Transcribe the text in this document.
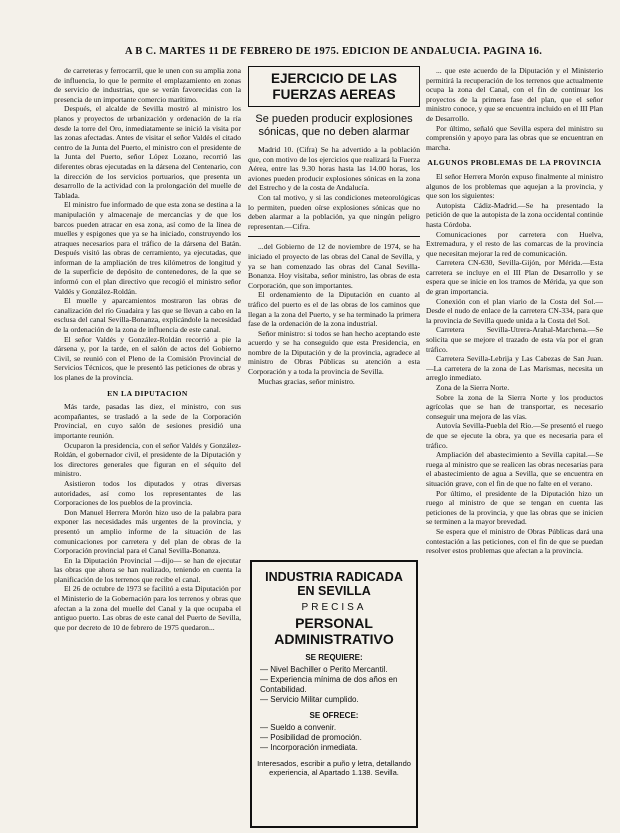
A B C. MARTES 11 DE FEBRERO DE 1975. EDICION DE ANDALUCIA. PAGINA 16.

de carreteras y ferrocarril, que le unen con su amplia zona de influencia, lo que le permite el emplazamiento en zonas de servicio de industrias, que se verán favorecidas con la presencia de un importante comercio marítimo.

Después, el alcalde de Sevilla mostró al ministro los planos y proyectos de urbanización y ordenación de la ría desde la torre del Oro, inmediatamente se inició la visita por las zonas afectadas. Antes de visitar el señor Valdés el citado centro de la Junta del Puerto, el ministro con el presidente de la Junta del Puerto, señor López Lozano, recorrió las diferentes obras ejecutadas en la dársena del Centenario, con la dirección de los servicios portuarios, que presenta un desarrollo de la actividad con la prolongación del muelle de Tablada.

El ministro fue informado de que esta zona se destina a la manipulación y almacenaje de mercancías y de que los barcos pueden atracar en esa zona, así como de la línea de muelles y espigones que ya se ha iniciado, construyendo los atraques necesarios para el tráfico de la dársena del Batán. Después visitó las obras de cerramiento, ya ejecutadas, que informan de la ampliación de tres kilómetros de longitud y de la superficie de depósito de contenedores, de la que se informó con el plan directivo que recogió el ministro señor Valdés y González-Roldán.

El muelle y aparcamientos mostraron las obras de canalización del río Guadaira y las que se llevan a cabo en la esclusa del canal Sevilla-Bonanza, explicándole la necesidad de la ordenación de la zona de influencia de este canal.

El señor Valdés y González-Roldán recorrió a pie la dársena y, por la tarde, en el salón de actos del Gobierno Civil, se reunió con el Pleno de la Comisión Provincial de Servicios Técnicos, que le presentó las peticiones de obras y los planes de la provincia.

EN LA DIPUTACION

Más tarde, pasadas las diez, el ministro, con sus acompañantes, se trasladó a la sede de la Corporación Provincial, en cuyo salón de sesiones presidió una importante reunión.

Ocuparon la presidencia, con el señor Valdés y González-Roldán, el gobernador civil, el presidente de la Diputación y los directores generales que figuran en el séquito del ministro.

Asistieron todos los diputados y otras diversas autoridades, así como los representantes de las Corporaciones de los pueblos de la provincia.

Don Manuel Herrera Morón hizo uso de la palabra para exponer las necesidades más urgentes de la provincia, y presentó un amplio informe de la situación de las comunicaciones por carretera y del plan de obras de la Corporación provincial para el Canal Sevilla-Bonanza.

En la Diputación Provincial —dijo— se han de ejecutar las obras que ahora se han realizado, teniendo en cuenta la planificación de los terrenos que recibe el canal.

El 26 de octubre de 1973 se facilitó a esta Diputación por el Ministerio de la Gobernación para los terrenos y obras que afectan a la zona del muelle del Canal y la que ocupaba el antiguo puerto. Las obras de este canal del Puerto de Sevilla, que por decreto de 10 de febrero de 1975 quedaron...

EJERCICIO DE LAS FUERZAS AEREAS
Se pueden producir explosiones sónicas, que no deben alarmar

Madrid 10. (Cifra) Se ha advertido a la población que, con motivo de los ejercicios que realizará la Fuerza Aérea, entre las 9.30 horas hasta las 14.00 horas, los aviones pueden producir explosiones sónicas en la zona del Estrecho y de la costa de Andalucía.

Con tal motivo, y si las condiciones meteorológicas lo permiten, pueden oírse explosiones sónicas que no deben alarmar a la población, ya que ningún peligro representan.—Cifra.

...del Gobierno de 12 de noviembre de 1974, se ha iniciado el proyecto de las obras del Canal de Sevilla, y ya se han comenzado las obras del Canal Sevilla-Bonanza. Hoy visitaba, señor ministro, las obras de esta Corporación, que son importantes.

El ordenamiento de la Diputación en cuanto al tráfico del puerto es el de las obras de los caminos que llegan a la zona del Puerto, y se ha terminado la primera fase de la ordenación de la zona industrial.

Señor ministro: si todos se han hecho aceptando este acuerdo y se ha conseguido que esta Presidencia, en nombre de la Diputación y de la provincia, agradece al ministro de Obras Públicas su atención a esta Corporación y a toda la provincia de Sevilla.

Muchas gracias, señor ministro.

INDUSTRIA RADICADA EN SEVILLA
PRECISA
PERSONAL ADMINISTRATIVO
SE REQUIERE:
— Nivel Bachiller o Perito Mercantil.
— Experiencia mínima de dos años en Contabilidad.
— Servicio Militar cumplido.
SE OFRECE:
— Sueldo a convenir.
— Posibilidad de promoción.
— Incorporación inmediata.
Interesados, escribir a puño y letra, detallando experiencia, al Apartado 1.138. Sevilla.

... que este acuerdo de la Diputación y el Ministerio permitirá la recuperación de los terrenos que actualmente ocupa la zona del Canal, con el fin de continuar los proyectos de la primera fase del plan, que el señor ministro conoce, y que se encuentra incluido en el III Plan de Desarrollo.

Por último, señaló que Sevilla espera del ministro su comprensión y apoyo para las obras que se encuentran en marcha.

ALGUNOS PROBLEMAS DE LA PROVINCIA

El señor Herrera Morón expuso finalmente al ministro algunos de los problemas que aquejan a la provincia, y que son los siguientes:

Autopista Cádiz-Madrid.—Se ha presentado la petición de que la autopista de la zona occidental continúe hasta Córdoba.

Comunicaciones por carretera con Huelva, Extremadura, y el resto de las comarcas de la provincia que necesitan mejorar la red de comunicación.

Carretera CN-630, Sevilla-Gijón, por Mérida.—Esta carretera se incluye en el III Plan de Desarrollo y se espera que se inicie en los tramos de Mérida, ya que son de gran importancia.

Conexión con el plan viario de la Costa del Sol.—Desde el nudo de enlace de la carretera CN-334, para que la provincia de Sevilla quede unida a la Costa del Sol.

Carretera Sevilla-Utrera-Arahal-Marchena.—Se solicita que se mejore el trazado de esta vía por el gran tráfico.

Carretera Sevilla-Lebrija y Las Cabezas de San Juan.—La carretera de la zona de Las Marismas, necesita un arreglo inmediato.

Zona de la Sierra Norte.

Sobre la zona de la Sierra Norte y los productos agrícolas que se han de transportar, es necesario conseguir una mejora de las vías.

Autovía Sevilla-Puebla del Río.—Se presentó el ruego de que se ejecute la obra, ya que es necesaria para el tráfico.

Ampliación del abastecimiento a Sevilla capital.—Se ruega al ministro que se realicen las obras necesarias para el abastecimiento de agua a Sevilla, que se encuentra en situación grave, con el fin de que no falte en el verano.

Por último, el presidente de la Diputación hizo un ruego al ministro de que se tengan en cuenta las peticiones de la provincia, y que las obras que se inicien se terminen a la mayor brevedad.

Se espera que el ministro de Obras Públicas dará una contestación a las peticiones, con el fin de que se puedan resolver estos problemas que afectan a la provincia.
